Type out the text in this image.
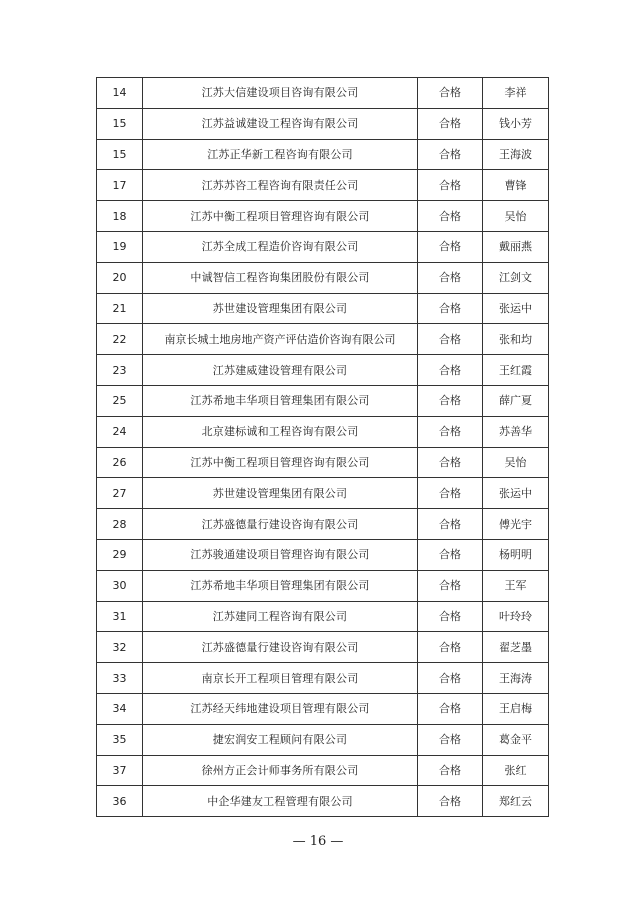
14	江苏大信建设项目咨询有限公司	合格	李祥
15	江苏益诚建设工程咨询有限公司	合格	钱小芳
15	江苏正华新工程咨询有限公司	合格	王海波
17	江苏苏咨工程咨询有限责任公司	合格	曹锋
18	江苏中衡工程项目管理咨询有限公司	合格	吴怡
19	江苏全成工程造价咨询有限公司	合格	戴丽燕
20	中诚智信工程咨询集团股份有限公司	合格	江剑文
21	苏世建设管理集团有限公司	合格	张运中
22	南京长城土地房地产资产评估造价咨询有限公司	合格	张和均
23	江苏建威建设管理有限公司	合格	王红霞
25	江苏希地丰华项目管理集团有限公司	合格	薛广夏
24	北京建标诚和工程咨询有限公司	合格	苏善华
26	江苏中衡工程项目管理咨询有限公司	合格	吴怡
27	苏世建设管理集团有限公司	合格	张运中
28	江苏盛德量行建设咨询有限公司	合格	傅光宇
29	江苏骏通建设项目管理咨询有限公司	合格	杨明明
30	江苏希地丰华项目管理集团有限公司	合格	王军
31	江苏建同工程咨询有限公司	合格	叶玲玲
32	江苏盛德量行建设咨询有限公司	合格	翟芝墨
33	南京长开工程项目管理有限公司	合格	王海涛
34	江苏经天纬地建设项目管理有限公司	合格	王启梅
35	捷宏润安工程顾问有限公司	合格	葛金平
37	徐州方正会计师事务所有限公司	合格	张红
36	中企华建友工程管理有限公司	合格	郑红云
— 16 —
